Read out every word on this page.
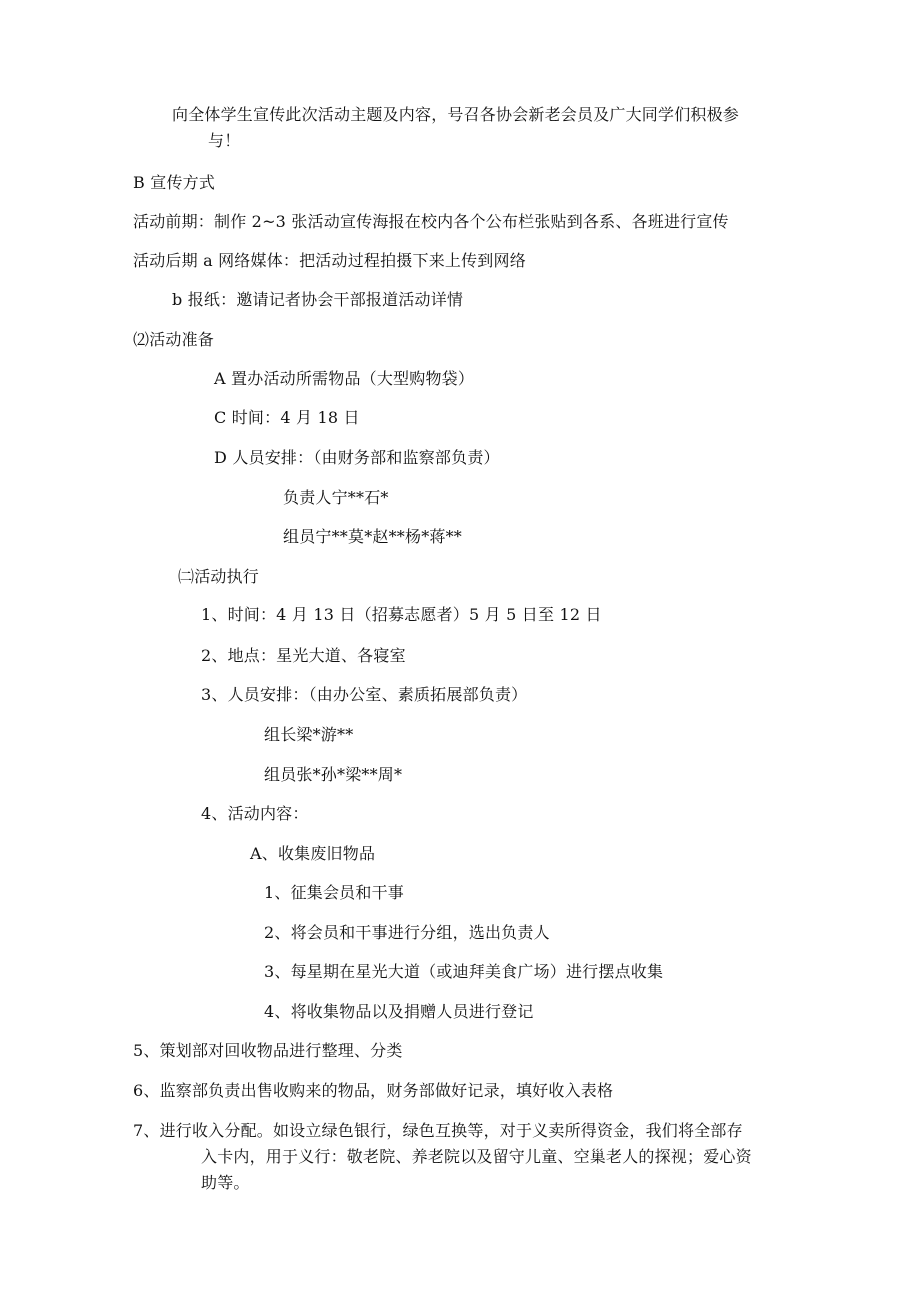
向全体学生宣传此次活动主题及内容，号召各协会新老会员及广大同学们积极参
与！
B 宣传方式
活动前期：制作 2~3 张活动宣传海报在校内各个公布栏张贴到各系、各班进行宣传
活动后期 a 网络媒体：把活动过程拍摄下来上传到网络
b 报纸：邀请记者协会干部报道活动详情
⑵活动准备
A 置办活动所需物品（大型购物袋）
C 时间：4 月 18 日
D 人员安排：（由财务部和监察部负责）
负责人宁**石*
组员宁**莫*赵**杨*蒋**
㈡活动执行
1、时间：4 月 13 日（招募志愿者）5 月 5 日至 12 日
2、地点：星光大道、各寝室
3、人员安排：（由办公室、素质拓展部负责）
组长梁*游**
组员张*孙*梁**周*
4、活动内容：
A、收集废旧物品
1、征集会员和干事
2、将会员和干事进行分组，选出负责人
3、每星期在星光大道（或迪拜美食广场）进行摆点收集
4、将收集物品以及捐赠人员进行登记
5、策划部对回收物品进行整理、分类
6、监察部负责出售收购来的物品，财务部做好记录，填好收入表格
7、进行收入分配。如设立绿色银行，绿色互换等，对于义卖所得资金，我们将全部存
入卡内，用于义行：敬老院、养老院以及留守儿童、空巢老人的探视；爱心资
助等。
